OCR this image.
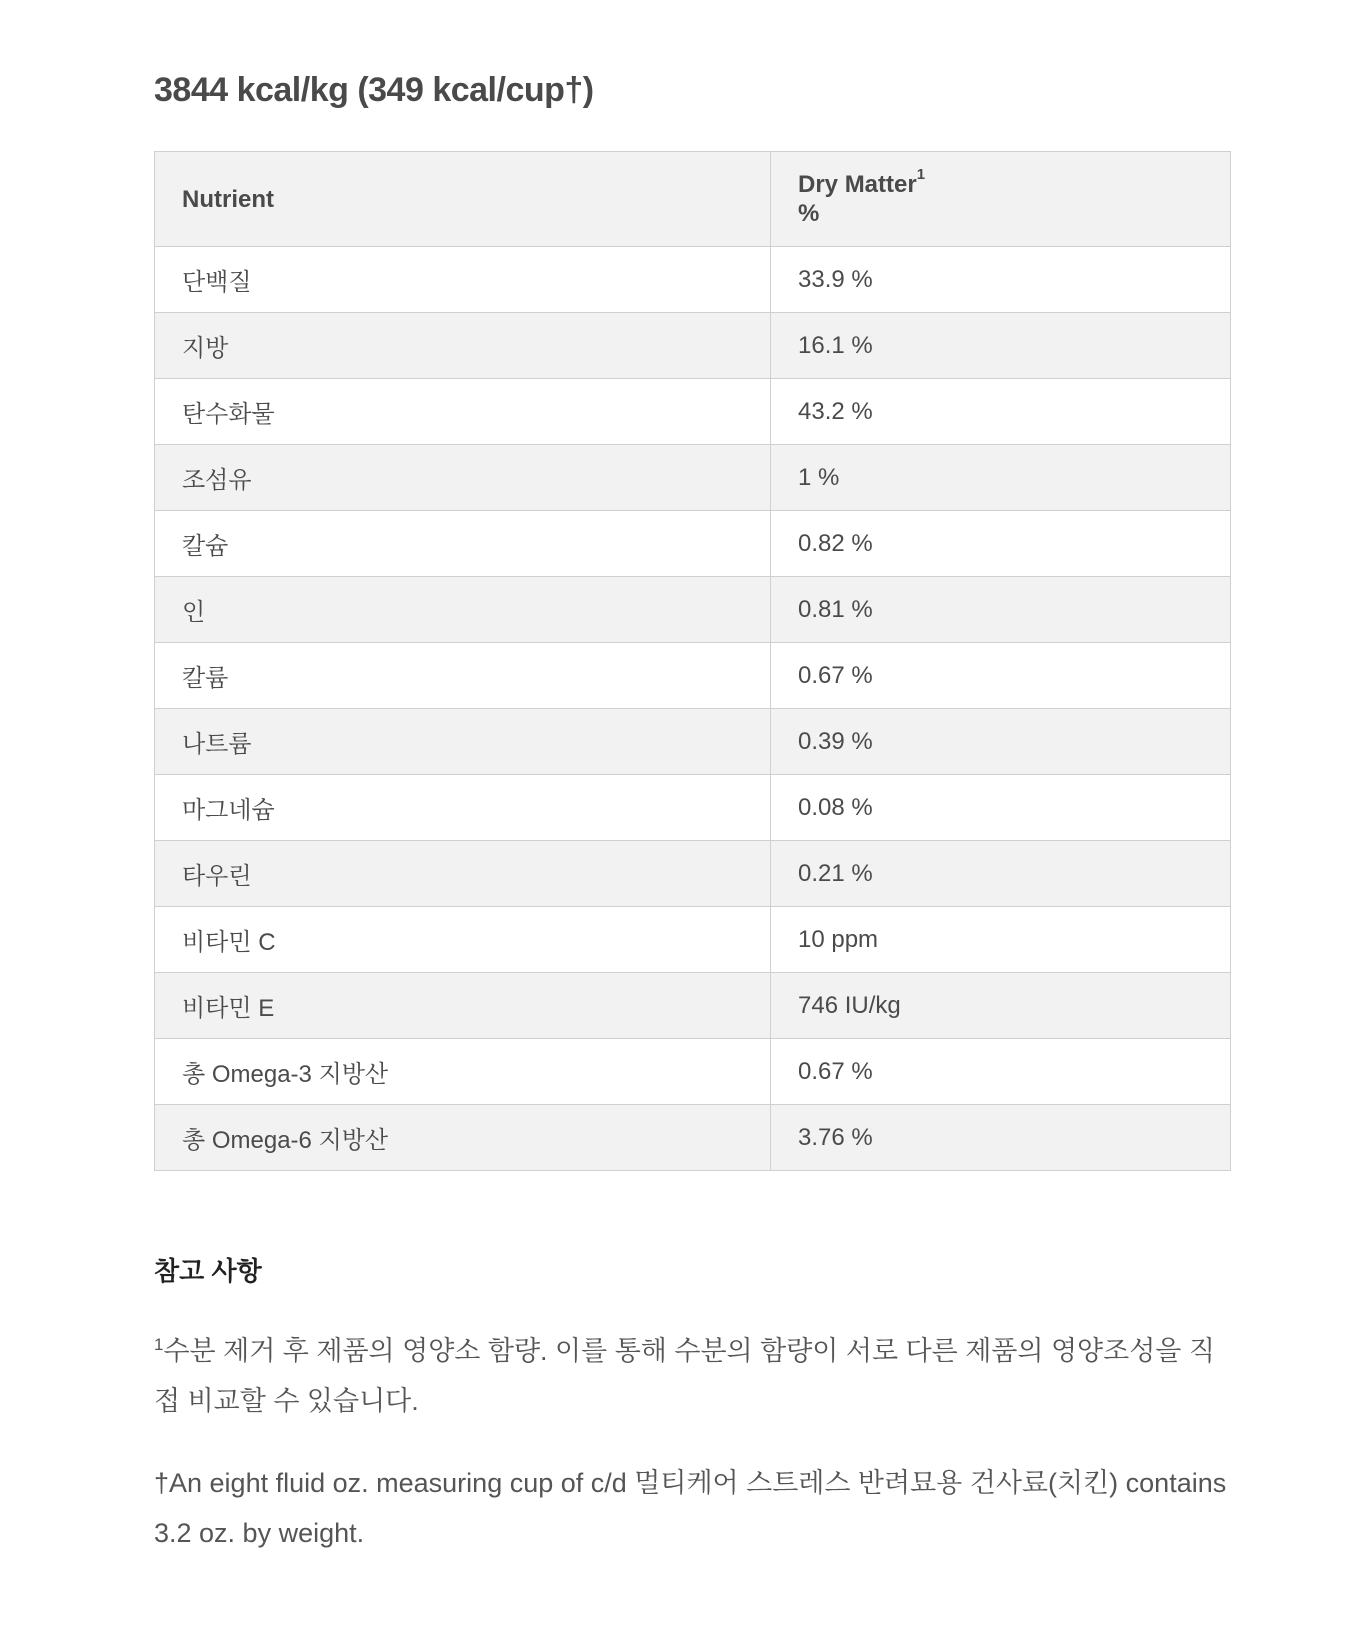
3844 kcal/kg (349 kcal/cup†)
Nutrient	Dry Matter$^1$
%
단백질	33.9 %
지방	16.1 %
탄수화물	43.2 %
조섬유	1 %
칼슘	0.82 %
인	0.81 %
칼륨	0.67 %
나트륨	0.39 %
마그네슘	0.08 %
타우린	0.21 %
비타민 C	10 ppm
비타민 E	746 IU/kg
총 Omega-3 지방산	0.67 %
총 Omega-6 지방산	3.76 %
참고 사항

$^1$수분 제거 후 제품의 영양소 함량. 이를 통해 수분의 함량이 서로 다른 제품의 영양조성을 직접 비교할 수 있습니다.

†An eight fluid oz. measuring cup of c/d 멀티케어 스트레스 반려묘용 건사료(치킨) contains 3.2 oz. by weight.
